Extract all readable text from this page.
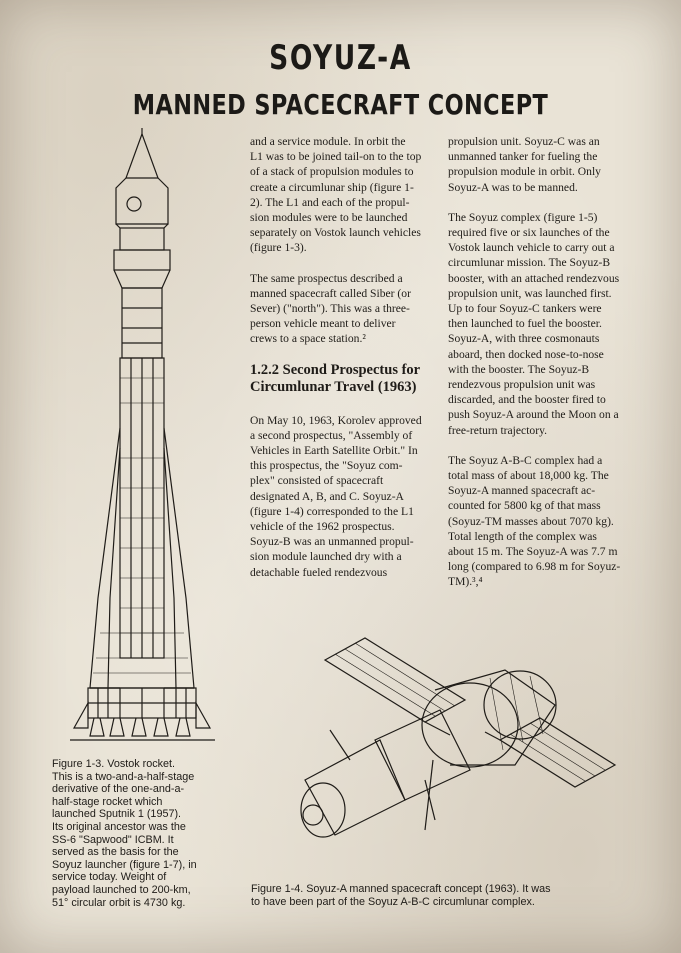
SOYUZ-A
MANNED SPACECRAFT CONCEPT

and a service module. In orbit the
L1 was to be joined tail-on to the top
of a stack of propulsion modules to
create a circumlunar ship (figure 1-
2). The L1 and each of the propul-
sion modules were to be launched
separately on Vostok launch vehicles
(figure 1-3).

The same prospectus described a
manned spacecraft called Siber (or
Sever) ("north"). This was a three-
person vehicle meant to deliver
crews to a space station.²

1.2.2 Second Prospectus for
Circumlunar Travel (1963)

On May 10, 1963, Korolev approved
a second prospectus, "Assembly of
Vehicles in Earth Satellite Orbit." In
this prospectus, the "Soyuz com-
plex" consisted of spacecraft
designated A, B, and C. Soyuz-A
(figure 1-4) corresponded to the L1
vehicle of the 1962 prospectus.
Soyuz-B was an unmanned propul-
sion module launched dry with a
detachable fueled rendezvous

propulsion unit. Soyuz-C was an
unmanned tanker for fueling the
propulsion module in orbit. Only
Soyuz-A was to be manned.

The Soyuz complex (figure 1-5)
required five or six launches of the
Vostok launch vehicle to carry out a
circumlunar mission. The Soyuz-B
booster, with an attached rendezvous
propulsion unit, was launched first.
Up to four Soyuz-C tankers were
then launched to fuel the booster.
Soyuz-A, with three cosmonauts
aboard, then docked nose-to-nose
with the booster. The Soyuz-B
rendezvous propulsion unit was
discarded, and the booster fired to
push Soyuz-A around the Moon on a
free-return trajectory.

The Soyuz A-B-C complex had a
total mass of about 18,000 kg. The
Soyuz-A manned spacecraft ac-
counted for 5800 kg of that mass
(Soyuz-TM masses about 7070 kg).
Total length of the complex was
about 15 m. The Soyuz-A was 7.7 m
long (compared to 6.98 m for Soyuz-
TM).³,⁴

Figure 1-3. Vostok rocket.
This is a two-and-a-half-stage
derivative of the one-and-a-
half-stage rocket which
launched Sputnik 1 (1957).
Its original ancestor was the
SS-6 "Sapwood" ICBM. It
served as the basis for the
Soyuz launcher (figure 1-7), in
service today. Weight of
payload launched to 200-km,
51° circular orbit is 4730 kg.
Figure 1-4. Soyuz-A manned spacecraft concept (1963). It was
to have been part of the Soyuz A-B-C circumlunar complex.
